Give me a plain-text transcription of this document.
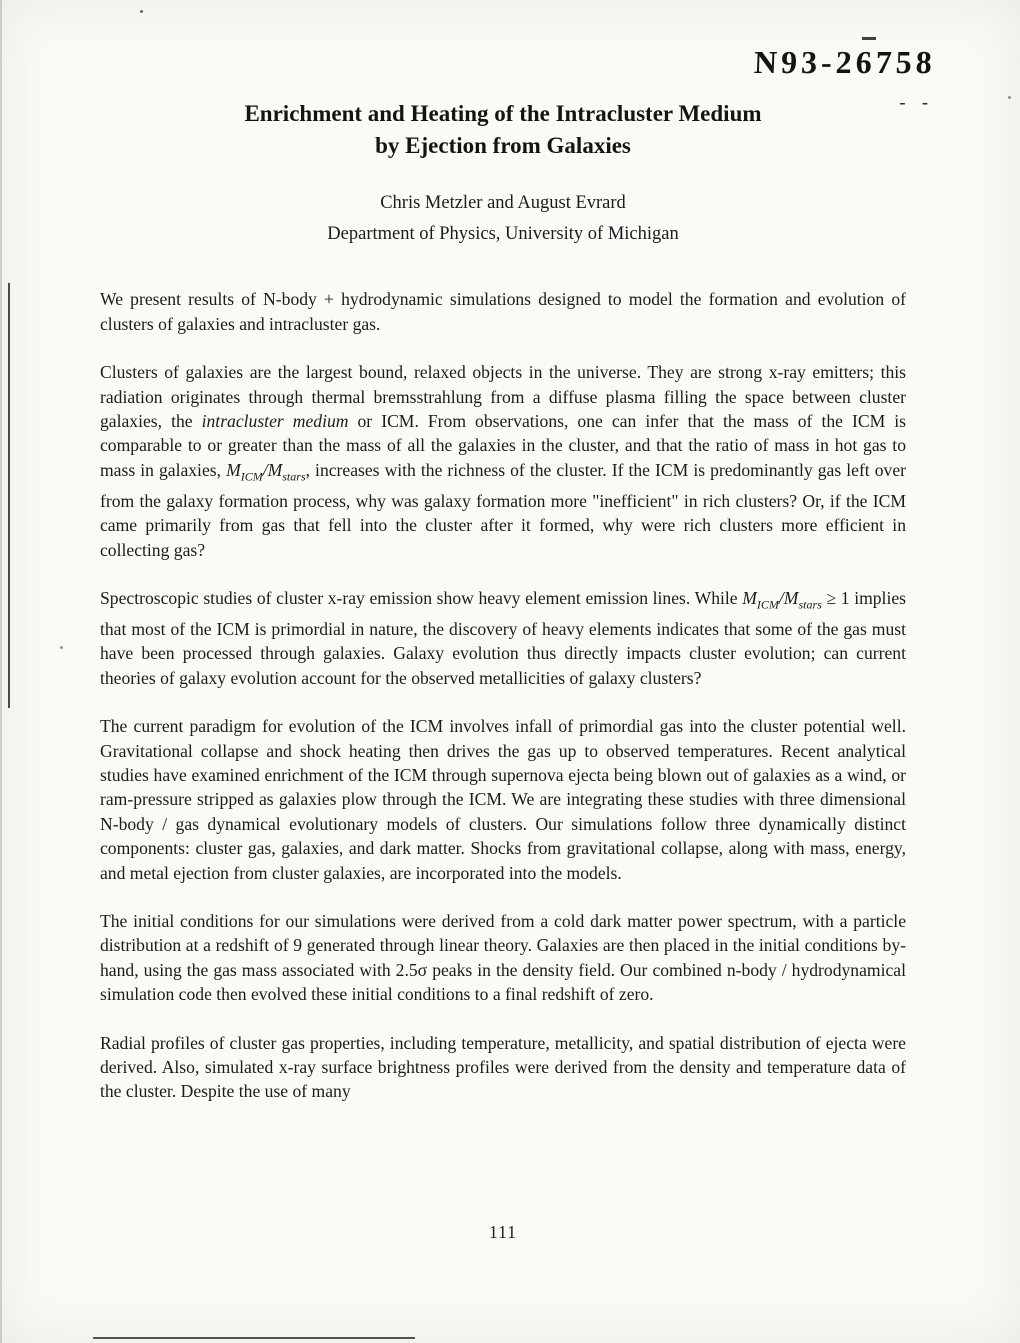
N93-26758
- -
Enrichment and Heating of the Intracluster Medium
by Ejection from Galaxies
Chris Metzler and August Evrard
Department of Physics, University of Michigan

We present results of N-body + hydrodynamic simulations designed to model the formation and evolution of clusters of galaxies and intracluster gas.

Clusters of galaxies are the largest bound, relaxed objects in the universe. They are strong x-ray emitters; this radiation originates through thermal bremsstrahlung from a diffuse plasma filling the space between cluster galaxies, the intracluster medium or ICM. From observations, one can infer that the mass of the ICM is comparable to or greater than the mass of all the galaxies in the cluster, and that the ratio of mass in hot gas to mass in galaxies, $M_{ICM}/M_{stars}$, increases with the richness of the cluster. If the ICM is predominantly gas left over from the galaxy formation process, why was galaxy formation more "inefficient" in rich clusters? Or, if the ICM came primarily from gas that fell into the cluster after it formed, why were rich clusters more efficient in collecting gas?

Spectroscopic studies of cluster x-ray emission show heavy element emission lines. While $M_{ICM}/M_{stars} \ge 1$ implies that most of the ICM is primordial in nature, the discovery of heavy elements indicates that some of the gas must have been processed through galaxies. Galaxy evolution thus directly impacts cluster evolution; can current theories of galaxy evolution account for the observed metallicities of galaxy clusters?

The current paradigm for evolution of the ICM involves infall of primordial gas into the cluster potential well. Gravitational collapse and shock heating then drives the gas up to observed temperatures. Recent analytical studies have examined enrichment of the ICM through supernova ejecta being blown out of galaxies as a wind, or ram-pressure stripped as galaxies plow through the ICM. We are integrating these studies with three dimensional N-body / gas dynamical evolutionary models of clusters. Our simulations follow three dynamically distinct components: cluster gas, galaxies, and dark matter. Shocks from gravitational collapse, along with mass, energy, and metal ejection from cluster galaxies, are incorporated into the models.

The initial conditions for our simulations were derived from a cold dark matter power spectrum, with a particle distribution at a redshift of 9 generated through linear theory. Galaxies are then placed in the initial conditions by-hand, using the gas mass associated with 2.5σ peaks in the density field. Our combined n-body / hydrodynamical simulation code then evolved these initial conditions to a final redshift of zero.

Radial profiles of cluster gas properties, including temperature, metallicity, and spatial distribution of ejecta were derived. Also, simulated x-ray surface brightness profiles were derived from the density and temperature data of the cluster. Despite the use of many

111
